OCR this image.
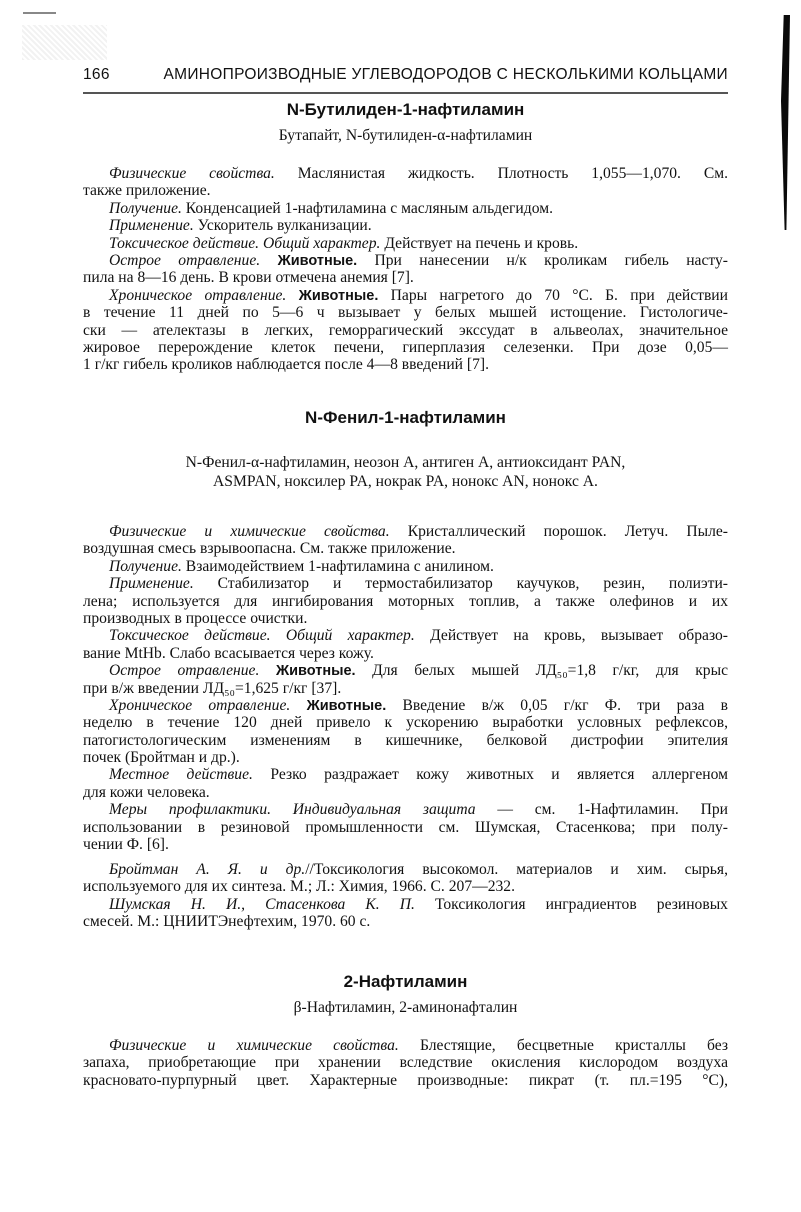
166	АМИНОПРОИЗВОДНЫЕ УГЛЕВОДОРОДОВ С НЕСКОЛЬКИМИ КОЛЬЦАМИ
N-Бутилиден-1-нафтиламин
Бутапайт, N-бутилиден-α-нафтиламин
Физические свойства. Маслянистая жидкость. Плотность 1,055—1,070. См.
также приложение.
Получение. Конденсацией 1-нафтиламина с масляным альдегидом.
Применение. Ускоритель вулканизации.
Токсическое действие. Общий характер. Действует на печень и кровь.
Острое отравление. Животные. При нанесении н/к кроликам гибель насту-
пила на 8—16 день. В крови отмечена анемия [7].
Хроническое отравление. Животные. Пары нагретого до 70 °С. Б. при действии
в течение 11 дней по 5—6 ч вызывает у белых мышей истощение. Гистологиче-
ски — ателектазы в легких, геморрагический экссудат в альвеолах, значительное
жировое перерождение клеток печени, гиперплазия селезенки. При дозе 0,05—
1 г/кг гибель кроликов наблюдается после 4—8 введений [7].
N-Фенил-1-нафтиламин
N-Фенил-α-нафтиламин, неозон А, антиген А, антиоксидант PAN,
ASMPAN, ноксилер PA, нокрак PA, нонокс AN, нонокс А.
Физические и химические свойства. Кристаллический порошок. Летуч. Пыле-
воздушная смесь взрывоопасна. См. также приложение.
Получение. Взаимодействием 1-нафтиламина с анилином.
Применение. Стабилизатор и термостабилизатор каучуков, резин, полиэти-
лена; используется для ингибирования моторных топлив, а также олефинов и их
производных в процессе очистки.
Токсическое действие. Общий характер. Действует на кровь, вызывает образо-
вание MtHb. Слабо всасывается через кожу.
Острое отравление. Животные. Для белых мышей ЛД₅₀=1,8 г/кг, для крыс
при в/ж введении ЛД₅₀=1,625 г/кг [37].
Хроническое отравление. Животные. Введение в/ж 0,05 г/кг Ф. три раза в
неделю в течение 120 дней привело к ускорению выработки условных рефлексов,
патогистологическим изменениям в кишечнике, белковой дистрофии эпителия
почек (Бройтман и др.).
Местное действие. Резко раздражает кожу животных и является аллергеном
для кожи человека.
Меры профилактики. Индивидуальная защита — см. 1-Нафтиламин. При
использовании в резиновой промышленности см. Шумская, Стасенкова; при полу-
чении Ф. [6].
Бройтман А. Я. и др.//Токсикология высокомол. материалов и хим. сырья,
используемого для их синтеза. М.; Л.: Химия, 1966. С. 207—232.
Шумская Н. И., Стасенкова К. П. Токсикология инградиентов резиновых
смесей. М.: ЦНИИТЭнефтехим, 1970. 60 с.
2-Нафтиламин
β-Нафтиламин, 2-аминонафталин
Физические и химические свойства. Блестящие, бесцветные кристаллы без
запаха, приобретающие при хранении вследствие окисления кислородом воздуха
красновато-пурпурный цвет. Характерные производные: пикрат (т. пл.=195 °С),
